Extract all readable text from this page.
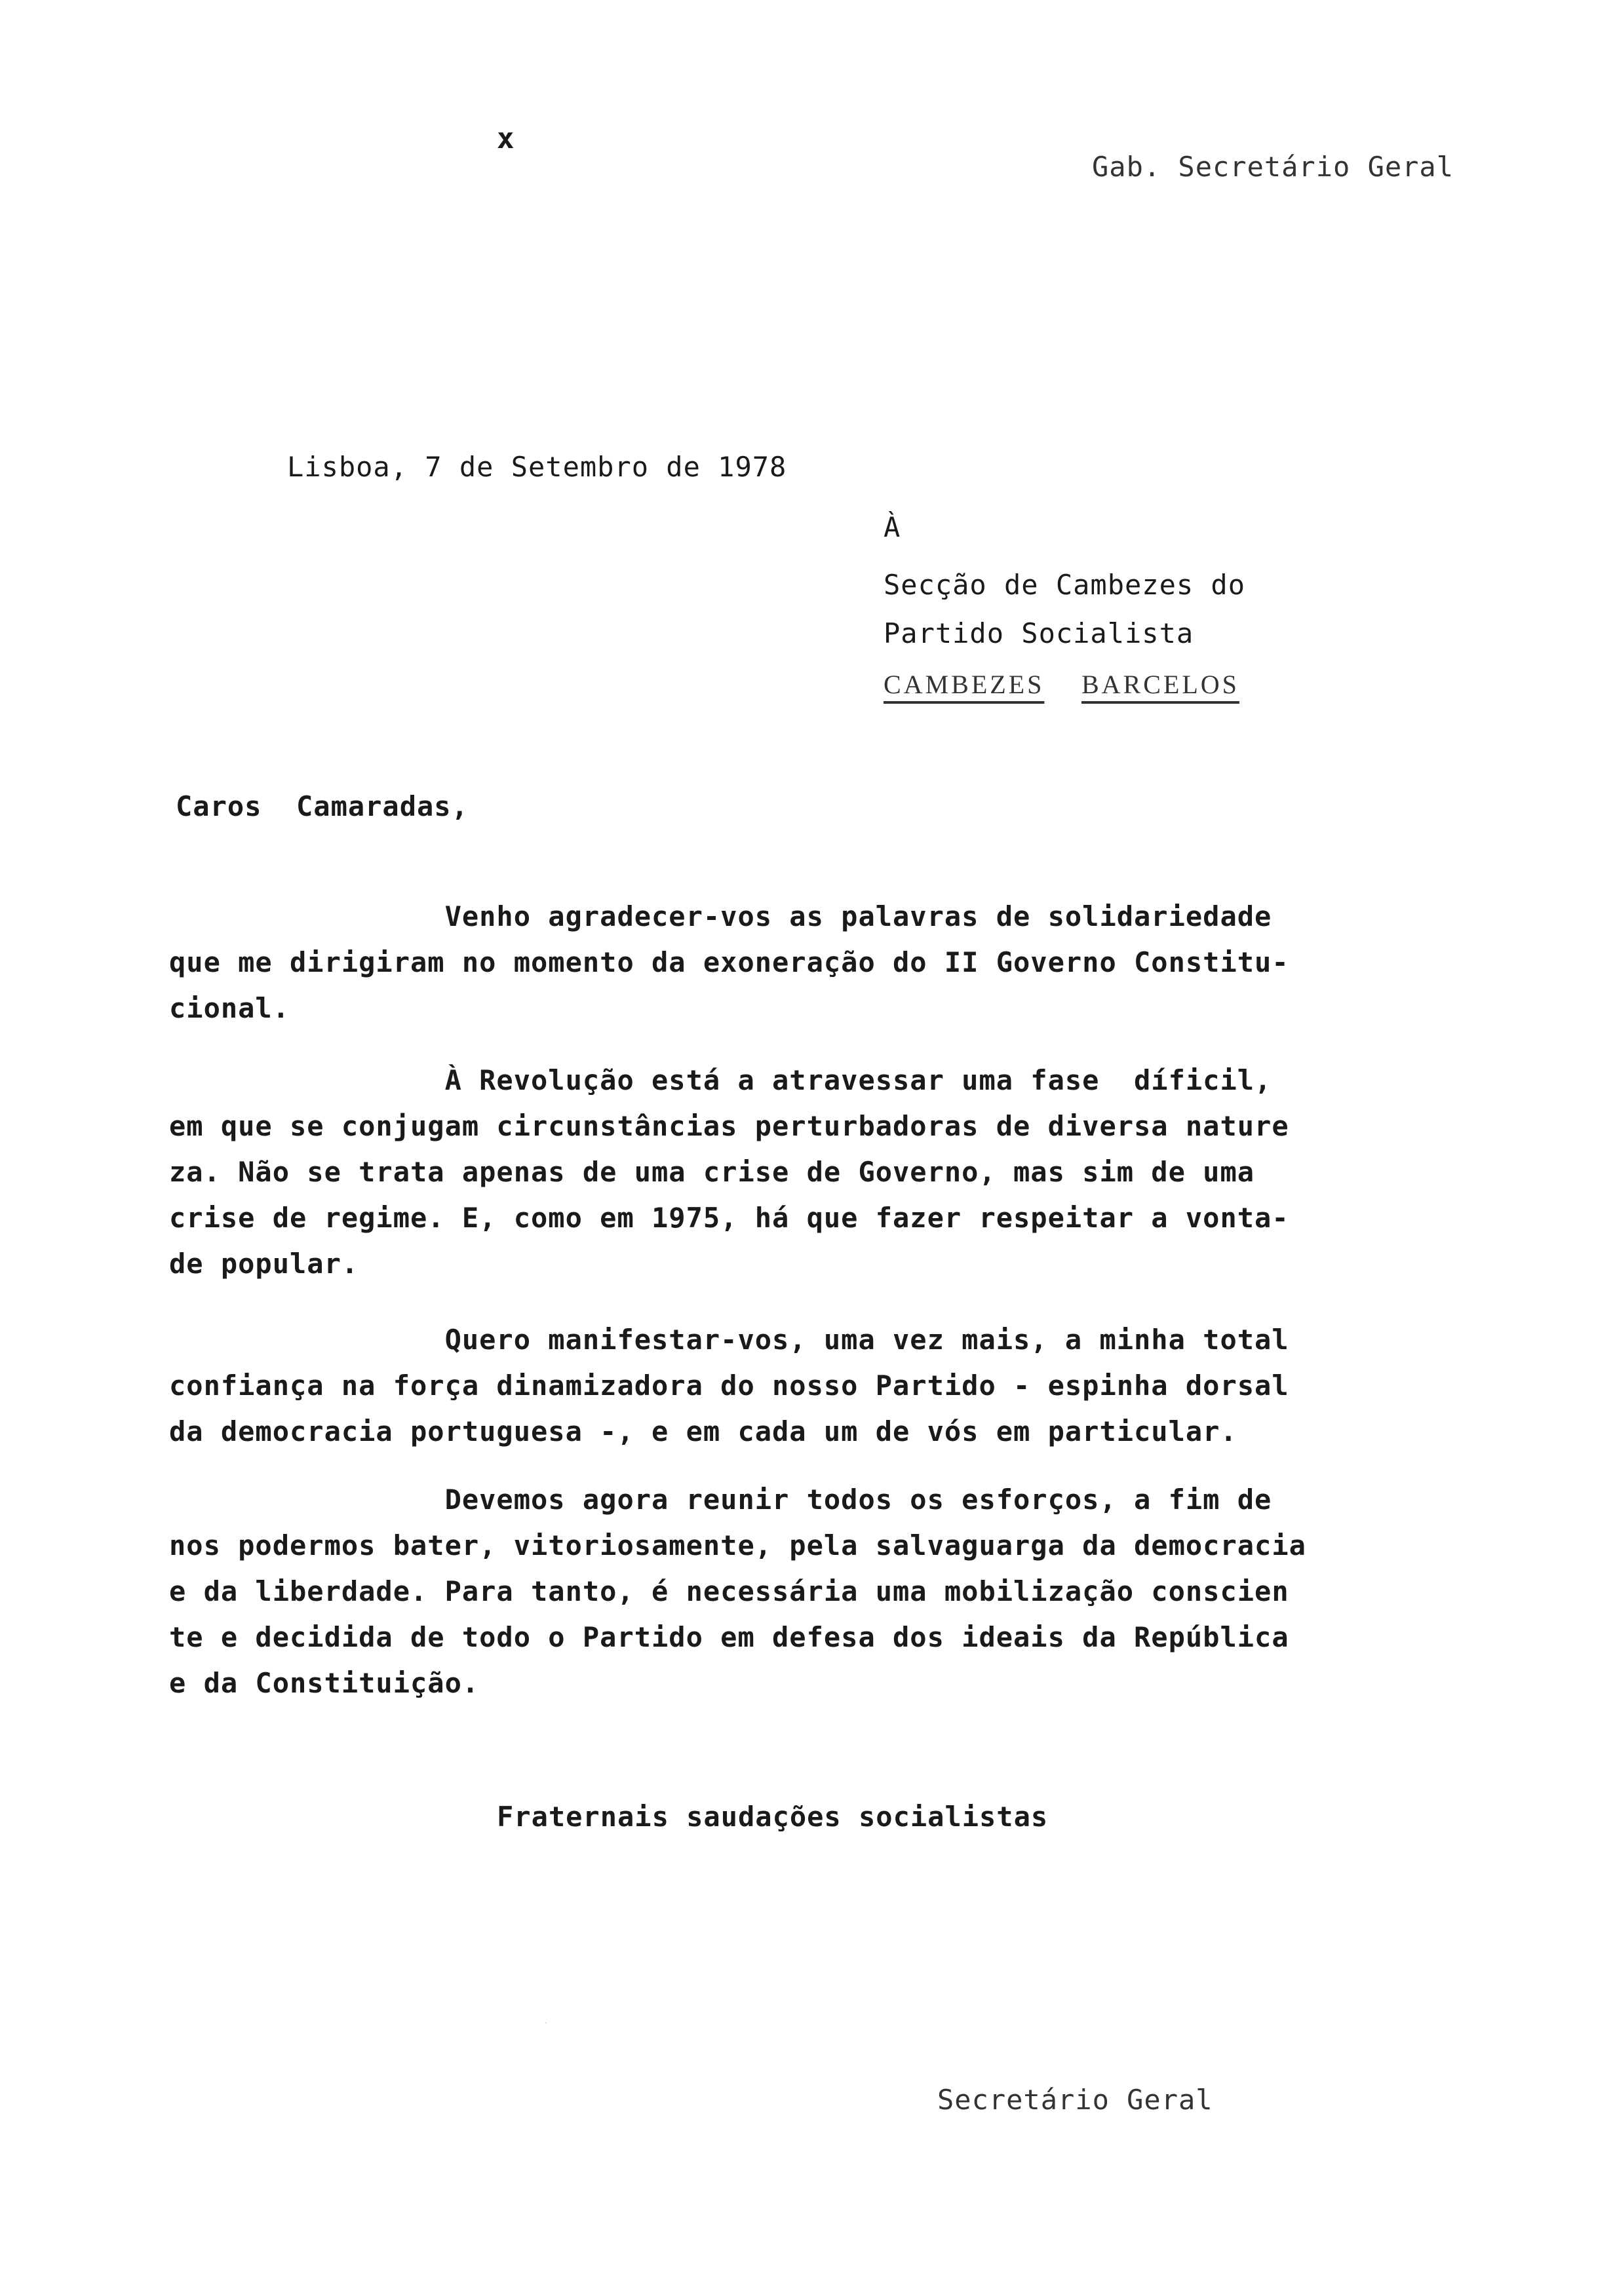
x
Gab. Secretário Geral
Lisboa, 7 de Setembro de 1978
À
Secção de Cambezes do
Partido Socialista
CAMBEZES BARCELOS
Caros  Camaradas,
Venho agradecer-vos as palavras de solidariedade
que me dirigiram no momento da exoneração do II Governo Constitu-
cional.
À Revolução está a atravessar uma fase  díficil,
em que se conjugam circunstâncias perturbadoras de diversa nature
za. Não se trata apenas de uma crise de Governo, mas sim de uma
crise de regime. E, como em 1975, há que fazer respeitar a vonta-
de popular.
Quero manifestar-vos, uma vez mais, a minha total
confiança na força dinamizadora do nosso Partido - espinha dorsal
da democracia portuguesa -, e em cada um de vós em particular.
Devemos agora reunir todos os esforços, a fim de
nos podermos bater, vitoriosamente, pela salvaguarga da democracia
e da liberdade. Para tanto, é necessária uma mobilização conscien
te e decidida de todo o Partido em defesa dos ideais da República
e da Constituição.
Fraternais saudações socialistas
Secretário Geral
